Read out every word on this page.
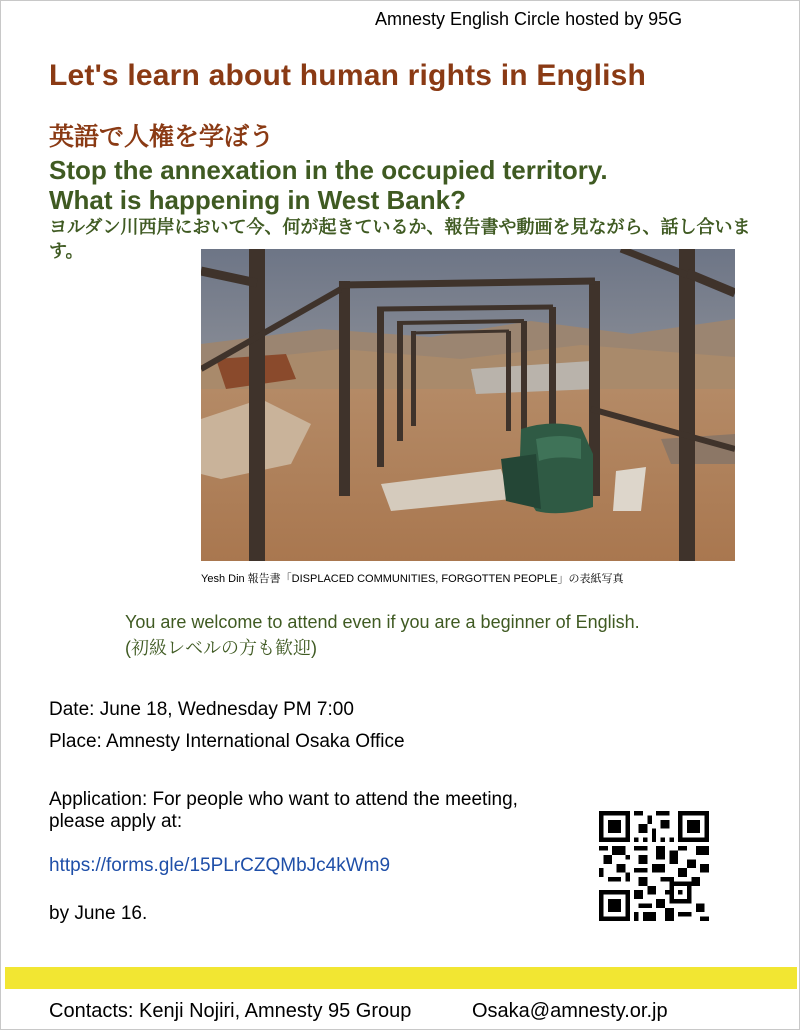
Amnesty English Circle hosted by 95G
Let's learn about human rights in English
英語で人権を学ぼう
Stop the annexation in the occupied territory.
What is happening in West Bank?
ヨルダン川西岸において今、何が起きているか、報告書や動画を見ながら、話し合います。
Yesh Din 報告書「DISPLACED COMMUNITIES, FORGOTTEN PEOPLE」の表紙写真
You are welcome to attend even if you are a beginner of English.
(初級レベルの方も歓迎)
Date: June 18, Wednesday PM 7:00
Place: Amnesty International Osaka Office
Application: For people who want to attend the meeting,
please apply at:
https://forms.gle/15PLrCZQMbJc4kWm9
by June 16.
Contacts: Kenji Nojiri, Amnesty 95 Group	Osaka@amnesty.or.jp
